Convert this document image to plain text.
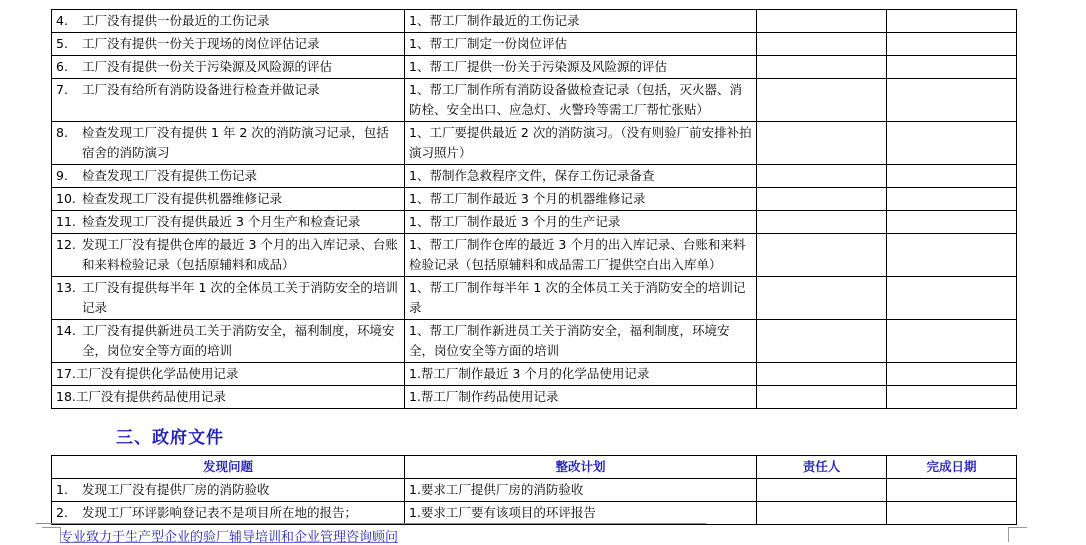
4. 工厂没有提供一份最近的工伤记录	1、帮工厂制作最近的工伤记录		

5. 工厂没有提供一份关于现场的岗位评估记录	1、帮工厂制定一份岗位评估		

6. 工厂没有提供一份关于污染源及风险源的评估	1、帮工厂提供一份关于污染源及风险源的评估		

7. 工厂没有给所有消防设备进行检查并做记录	1、帮工厂制作所有消防设备做检查记录（包括，灭火器、消防栓、安全出口、应急灯、火警玲等需工厂帮忙张贴）		

8. 检查发现工厂没有提供 1 年 2 次的消防演习记录，包括宿舍的消防演习	1、工厂要提供最近 2 次的消防演习。（没有则验厂前安排补拍演习照片）		

9. 检查发现工厂没有提供工伤记录	1、帮制作急救程序文件，保存工伤记录备查		

10. 检查发现工厂没有提供机器维修记录	1、帮工厂制作最近 3 个月的机器维修记录		

11. 检查发现工厂没有提供最近 3 个月生产和检查记录	1、帮工厂制作最近 3 个月的生产记录		

12. 发现工厂没有提供仓库的最近 3 个月的出入库记录、台账和来料检验记录（包括原辅料和成品）	1、帮工厂制作仓库的最近 3 个月的出入库记录、台账和来料检验记录（包括原辅料和成品需工厂提供空白出入库单）		

13. 工厂没有提供每半年 1 次的全体员工关于消防安全的培训记录	1、帮工厂制作每半年 1 次的全体员工关于消防安全的培训记录		

14. 工厂没有提供新进员工关于消防安全，福利制度，环境安全，岗位安全等方面的培训	1、帮工厂制作新进员工关于消防安全，福利制度，环境安全，岗位安全等方面的培训		

17. 工厂没有提供化学品使用记录	1.帮工厂制作最近 3 个月的化学品使用记录		

18. 工厂没有提供药品使用记录	1.帮工厂制作药品使用记录		
三、政府文件
发现问题	整改计划	责任人	完成日期

1. 发现工厂没有提供厂房的消防验收	1.要求工厂提供厂房的消防验收		

2. 发现工厂环评影响登记表不是项目所在地的报告；	1.要求工厂要有该项目的环评报告		

专业致力于生产型企业的验厂辅导培训和企业管理咨询顾问
